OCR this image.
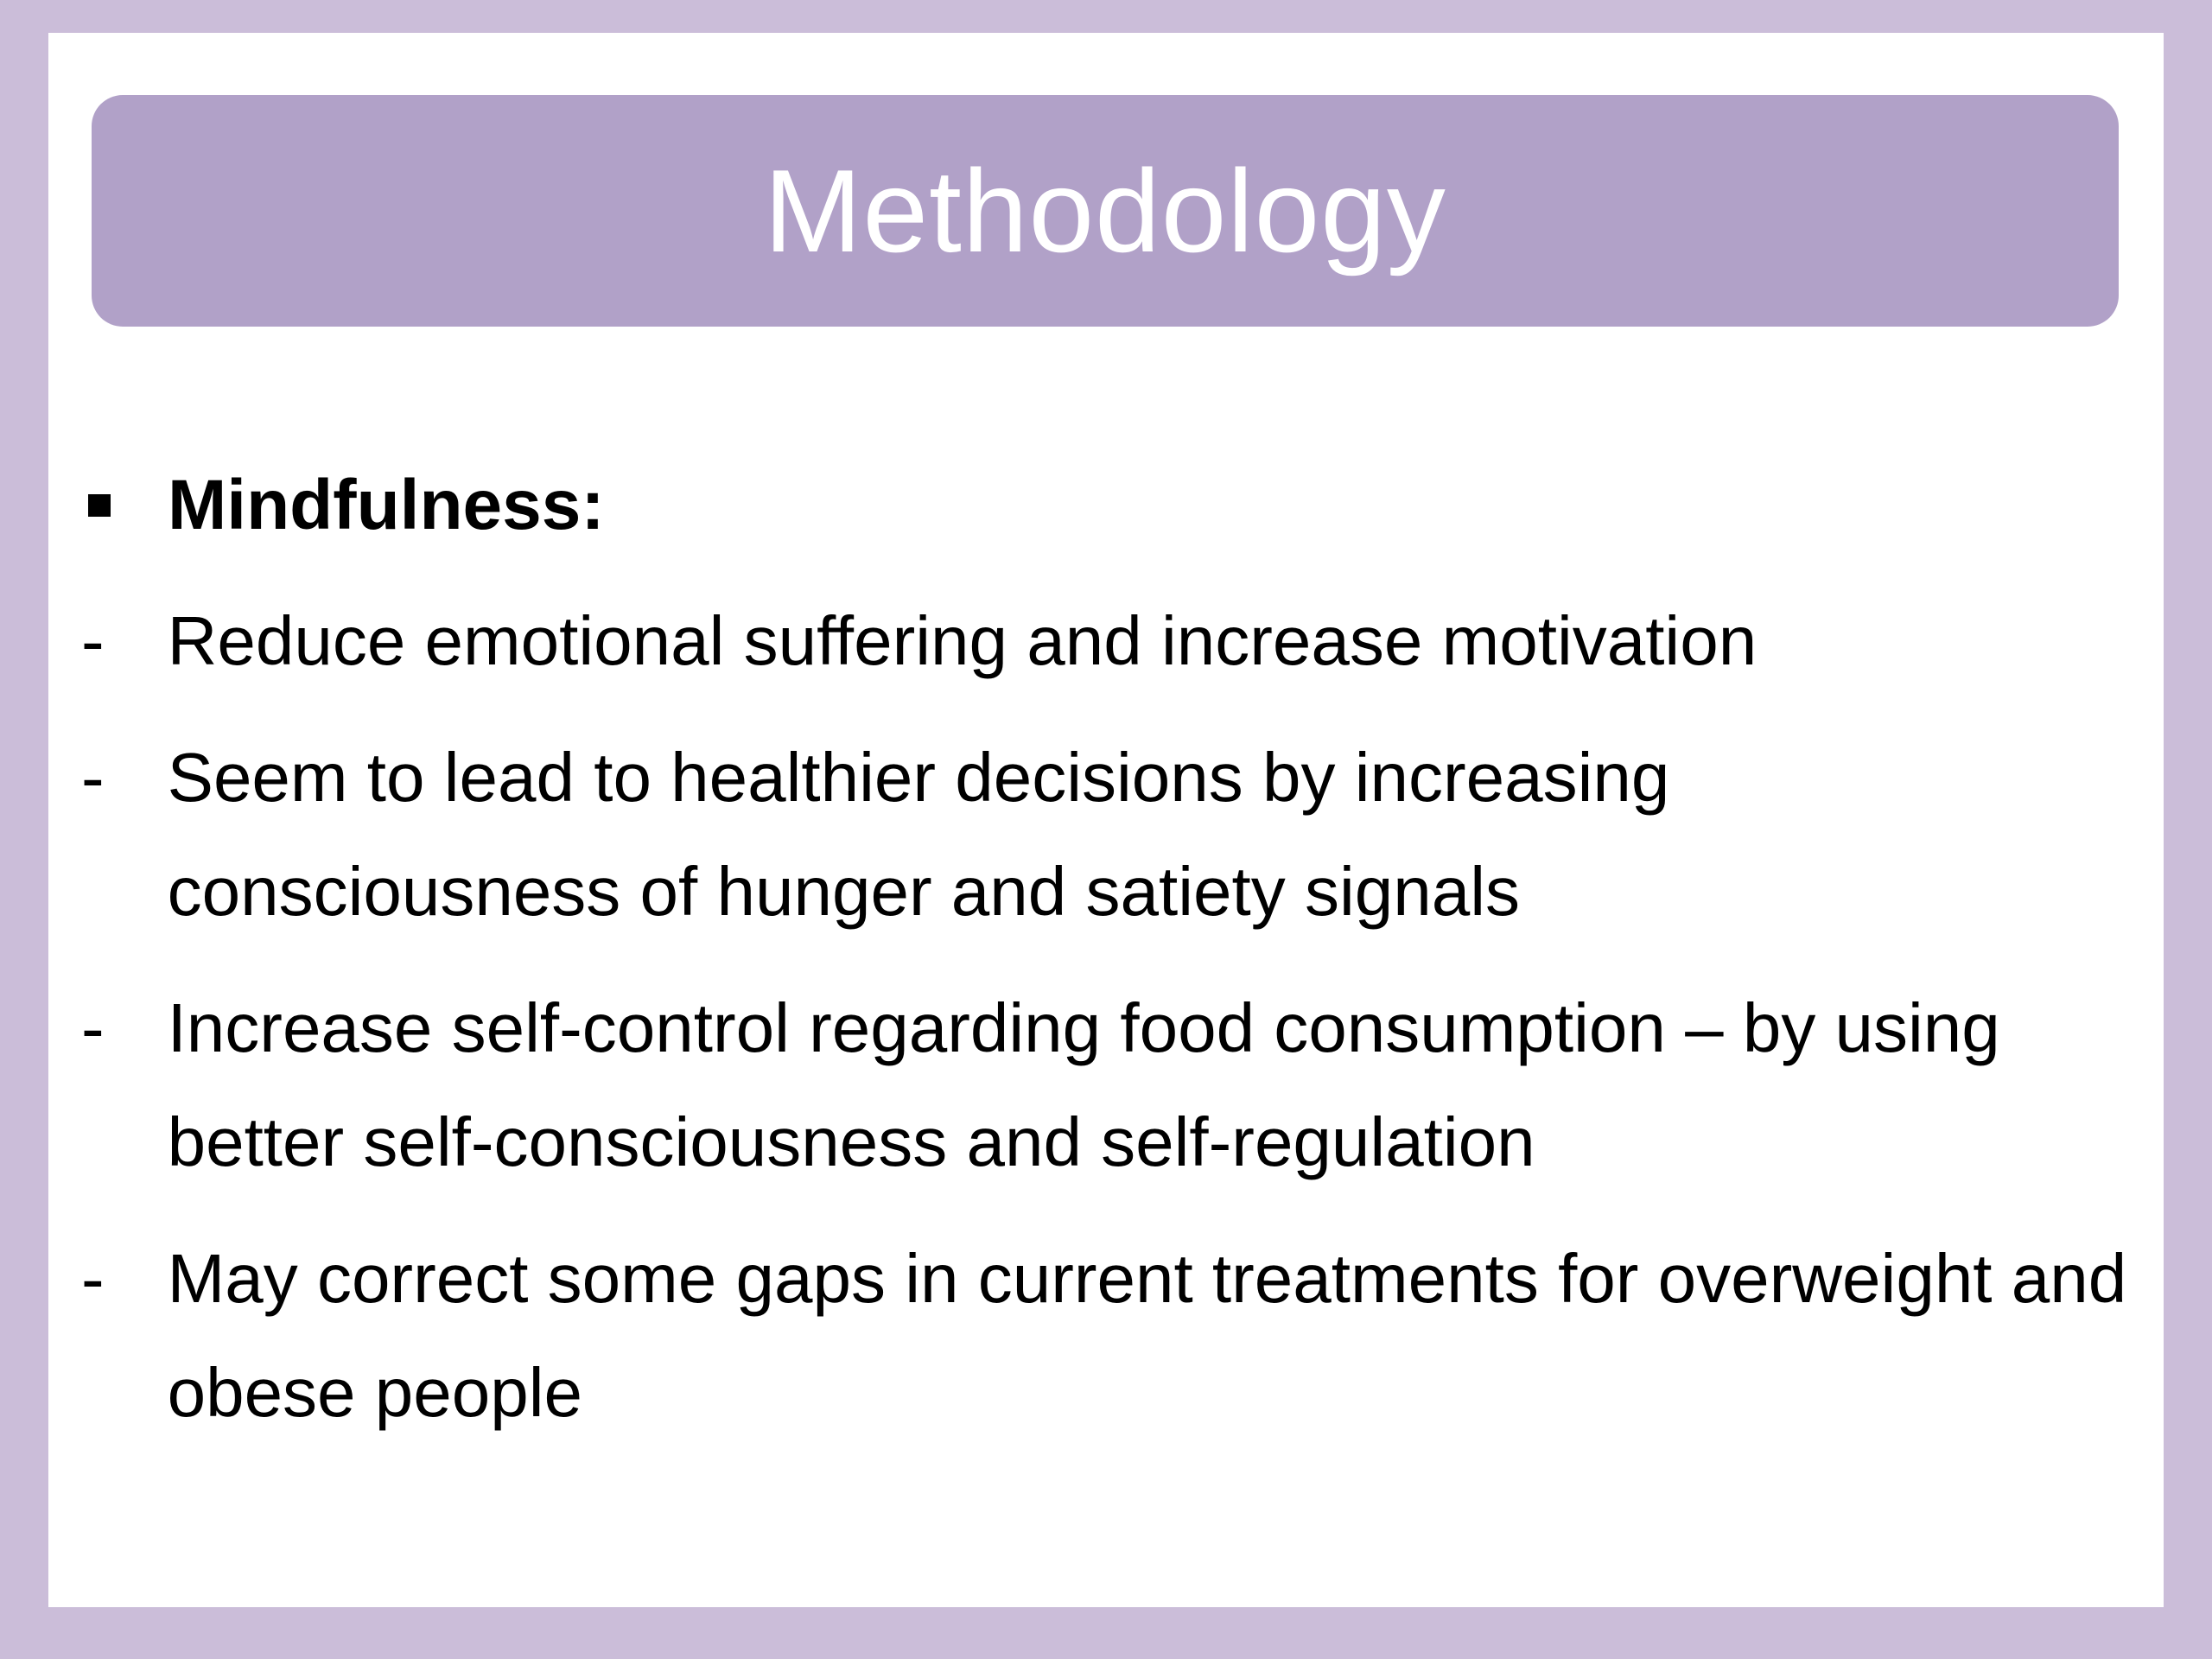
Methodology
Mindfulness:
- Reduce emotional suffering and increase motivation
- Seem to lead to healthier decisions by increasing consciousness of hunger and satiety signals
- Increase self-control regarding food consumption – by using better self-consciousness and self-regulation
- May correct some gaps in current treatments for overweight and obese people
